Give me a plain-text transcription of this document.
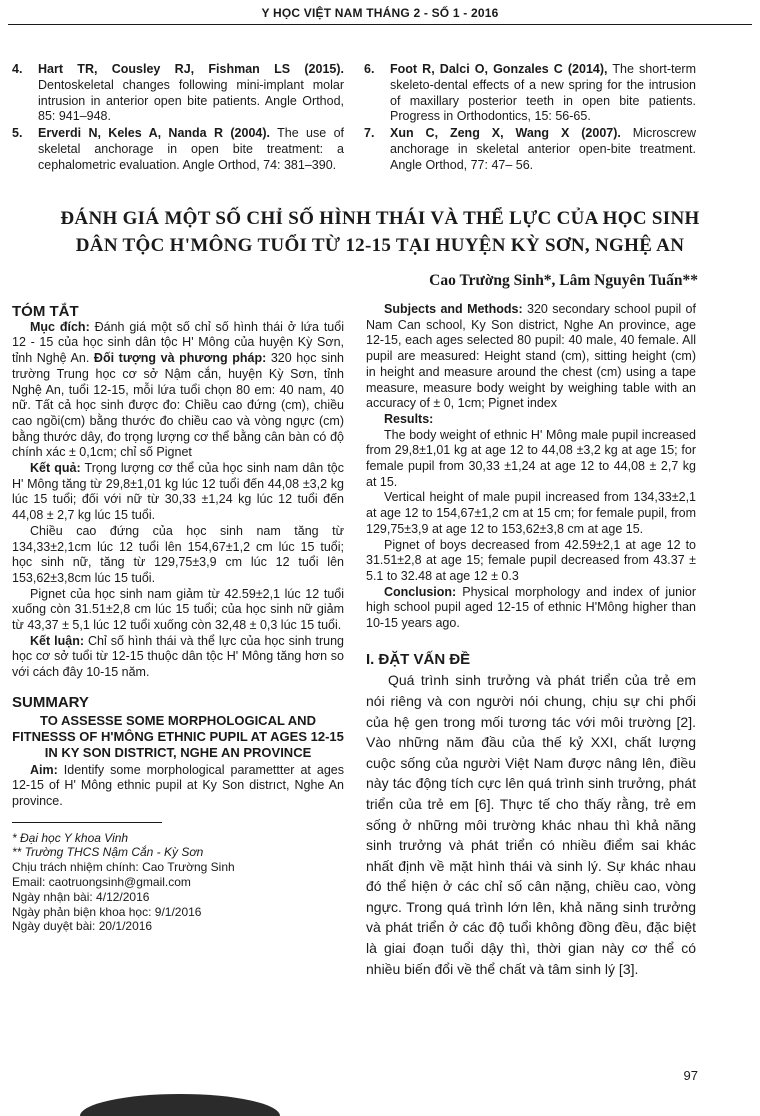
Y HỌC VIỆT NAM THÁNG 2 - SỐ 1 - 2016
4.	Hart TR, Cousley RJ, Fishman LS (2015). Dentoskeletal changes following mini-implant molar intrusion in anterior open bite patients. Angle Orthod, 85: 941–948.
5.	Erverdi N, Keles A, Nanda R (2004). The use of skeletal anchorage in open bite treatment: a cephalometric evaluation. Angle Orthod, 74: 381–390.
6.	Foot R, Dalci O, Gonzales C (2014), The short-term skeleto-dental effects of a new spring for the intrusion of maxillary posterior teeth in open bite patients. Progress in Orthodontics, 15: 56-65.
7.	Xun C, Zeng X, Wang X (2007). Microscrew anchorage in skeletal anterior open-bite treatment. Angle Orthod, 77: 47– 56.
ĐÁNH GIÁ MỘT SỐ CHỈ SỐ HÌNH THÁI VÀ THỂ LỰC CỦA HỌC SINH
DÂN TỘC H'MÔNG TUỔI TỪ 12-15 TẠI HUYỆN KỲ SƠN, NGHỆ AN
Cao Trường Sinh*, Lâm Nguyên Tuấn**

TÓM TẮT

Mục đích: Đánh giá một số chỉ số hình thái ở lứa tuổi 12 - 15 của học sinh dân tộc H' Mông của huyện Kỳ Sơn, tỉnh Nghệ An. Đối tượng và phương pháp: 320 học sinh trường Trung học cơ sở Nậm cắn, huyện Kỳ Sơn, tỉnh Nghệ An, tuổi 12-15, mỗi lứa tuổi chọn 80 em: 40 nam, 40 nữ. Tất cả học sinh được đo: Chiều cao đứng (cm), chiều cao ngồi(cm) bằng thước đo chiều cao và vòng ngực (cm) bằng thước dây, đo trọng lượng cơ thể bằng cân bàn có độ chính xác ± 0,1cm; chỉ số Pignet

Kết quả: Trọng lượng cơ thể của học sinh nam dân tộc H' Mông tăng từ 29,8±1,01 kg lúc 12 tuổi đến 44,08 ±3,2 kg lúc 15 tuổi; đối với nữ từ 30,33 ±1,24 kg lúc 12 tuổi đến 44,08 ± 2,7 kg lúc 15 tuổi.

Chiều cao đứng của học sinh nam tăng từ 134,33±2,1cm lúc 12 tuổi lên 154,67±1,2 cm lúc 15 tuổi; học sinh nữ, tăng từ 129,75±3,9 cm lúc 12 tuổi lên 153,62±3,8cm lúc 15 tuổi.

Pignet của học sinh nam giảm từ 42.59±2,1 lúc 12 tuổi xuống còn 31.51±2,8 cm lúc 15 tuổi; của học sinh nữ giảm từ 43,37 ± 5,1 lúc 12 tuổi xuống còn 32,48 ± 0,3 lúc 15 tuổi.

Kết luận: Chỉ số hình thái và thể lực của học sinh trung học cơ sở tuổi từ 12-15 thuộc dân tộc H' Mông tăng hơn so với cách đây 10-15 năm.

SUMMARY

TO ASSESSE SOME MORPHOLOGICAL AND FITNESSS OF H'MÔNG ETHNIC PUPIL AT AGES 12-15 IN KY SON DISTRICT, NGHE AN PROVINCE

Aim: Identify some morphological paramettter at ages 12-15 of H' Mông ethnic pupil at Ky Son distrıct, Nghe An province.

* Đại học Y khoa Vinh
** Trường THCS Nậm Cắn - Kỳ Sơn
Chịu trách nhiệm chính: Cao Trường Sinh
Email: caotruongsinh@gmail.com
Ngày nhận bài: 4/12/2016
Ngày phản biện khoa học: 9/1/2016
Ngày duyệt bài: 20/1/2016

Subjects and Methods: 320 secondary school pupil of Nam Can school, Ky Son district, Nghe An province, age 12-15, each ages selected 80 pupil: 40 male, 40 female. All pupil are measured: Height stand (cm), sitting height (cm) in height and measure around the chest (cm) using a tape measure, measure body weight by weighing table with an accuracy of ± 0, 1cm; Pignet index

Results:

The body weight of ethnic H' Mông male pupil increased from 29,8±1,01 kg at age 12 to 44,08 ±3,2 kg at age 15; for female pupil from 30,33 ±1,24 at age 12 to 44,08 ± 2,7 kg at 15.

Vertical height of male pupil increased from 134,33±2,1 at age 12 to 154,67±1,2 cm at 15 cm; for female pupil, from 129,75±3,9 at age 12 to 153,62±3,8 cm at age 15.

Pignet of boys decreased from 42.59±2,1 at age 12 to 31.51±2,8 at age 15; female pupil decreased from 43.37 ± 5.1 to 32.48 at age 12 ± 0.3

Conclusion: Physical morphology and index of junior high school pupil aged 12-15 of ethnic H'Mông higher than 10-15 years ago.

I. ĐẶT VẤN ĐỀ

Quá trình sinh trưởng và phát triển của trẻ em nói riêng và con người nói chung, chịu sự chi phối của hệ gen trong mối tương tác với môi trường [2]. Vào những năm đầu của thế kỷ XXI, chất lượng cuộc sống của người Việt Nam được nâng lên, điều này tác động tích cực lên quá trình sinh trưởng, phát triển của trẻ em [6]. Thực tế cho thấy rằng, trẻ em sống ở những môi trường khác nhau thì khả năng sinh trưởng và phát triển có nhiều điểm sai khác nhất định về mặt hình thái và sinh lý. Sự khác nhau đó thể hiện ở các chỉ số cân nặng, chiều cao, vòng ngực. Trong quá trình lớn lên, khả năng sinh trưởng và phát triển ở các độ tuổi không đồng đều, đặc biệt là giai đoạn tuổi dậy thì, thời gian này cơ thể có nhiều biến đổi về thể chất và tâm sinh lý [3].

97
